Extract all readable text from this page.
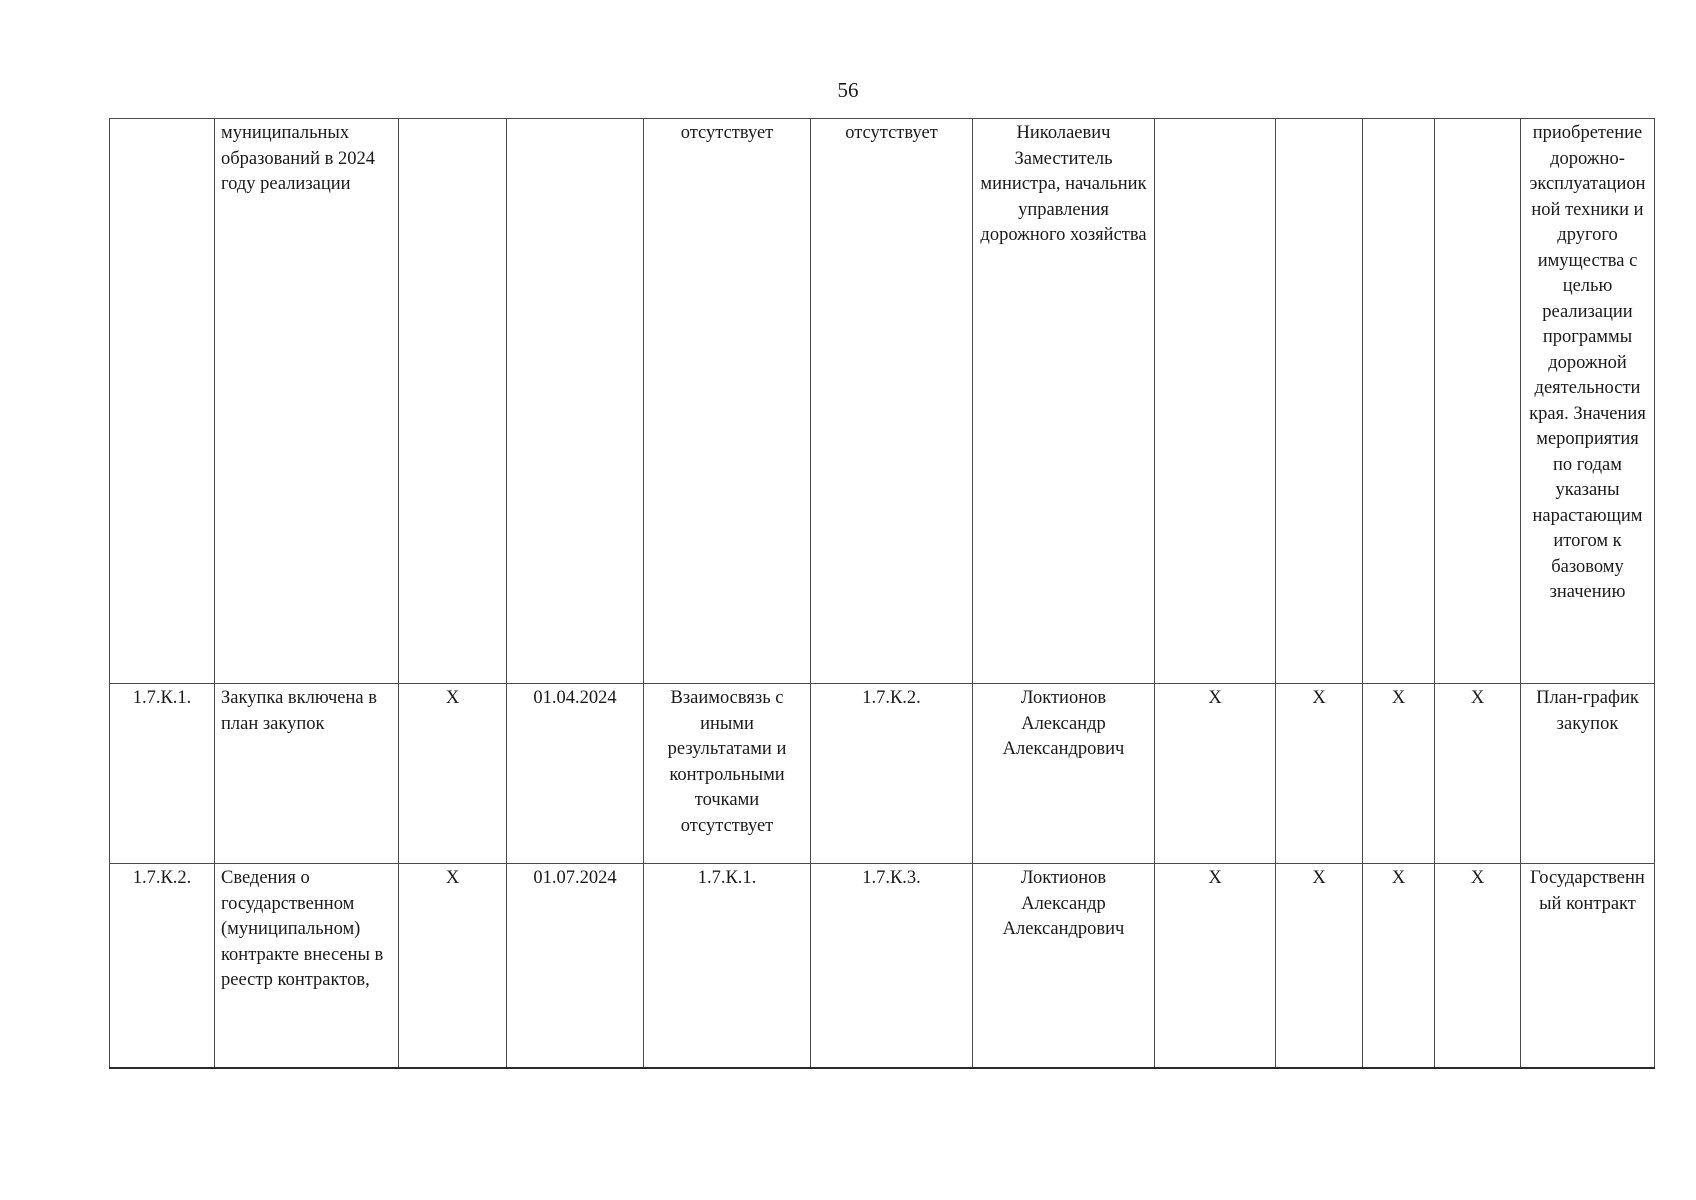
56
	муниципальных образований в 2024 году реализации			отсутствует	отсутствует	Николаевич Заместитель министра, начальник управления дорожного хозяйства					приобретение дорожно-эксплуатационной техники и другого имущества с целью реализации программы дорожной деятельности края. Значения мероприятия по годам указаны нарастающим итогом к базовому значению
1.7.К.1.	Закупка включена в план закупок	Х	01.04.2024	Взаимосвязь с иными результатами и контрольными точками отсутствует	1.7.К.2.	Локтионов Александр Александрович	Х	Х	Х	Х	План-график закупок
1.7.К.2.	Сведения о государственном (муниципальном) контракте внесены в реестр контрактов,	Х	01.07.2024	1.7.К.1.	1.7.К.3.	Локтионов Александр Александрович	Х	Х	Х	Х	Государственный контракт
